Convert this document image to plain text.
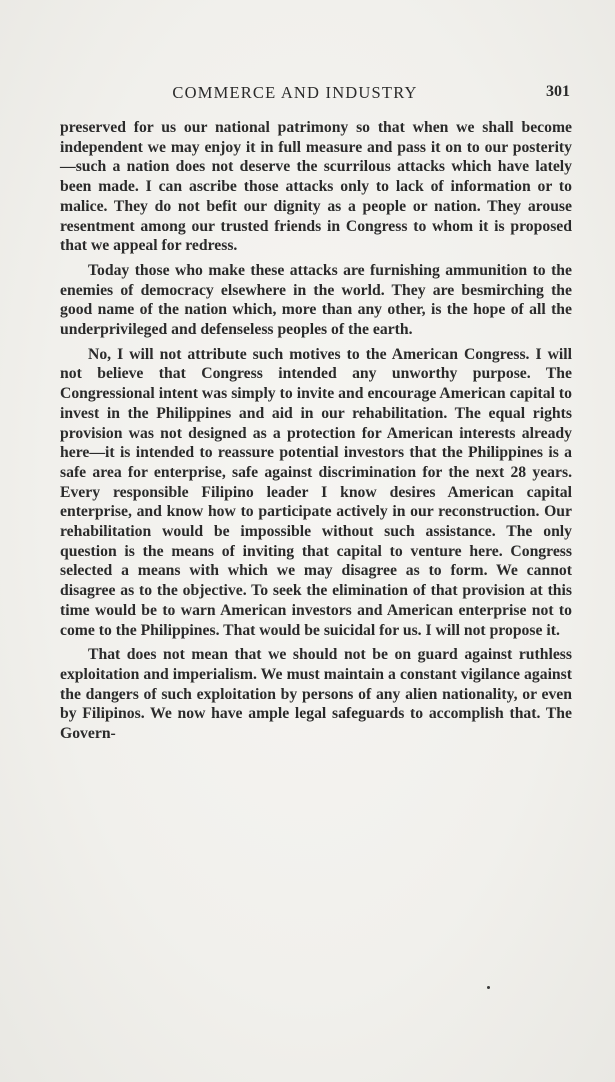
COMMERCE AND INDUSTRY	301

preserved for us our national patrimony so that when we shall become independent we may enjoy it in full measure and pass it on to our posterity—such a nation does not deserve the scurrilous attacks which have lately been made. I can ascribe those attacks only to lack of information or to malice. They do not befit our dignity as a people or nation. They arouse resentment among our trusted friends in Congress to whom it is proposed that we appeal for redress.

Today those who make these attacks are furnishing ammunition to the enemies of democracy elsewhere in the world. They are besmirching the good name of the nation which, more than any other, is the hope of all the underprivileged and defenseless peoples of the earth.

No, I will not attribute such motives to the American Congress. I will not believe that Congress intended any unworthy purpose. The Congressional intent was simply to invite and encourage American capital to invest in the Philippines and aid in our rehabilitation. The equal rights provision was not designed as a protection for American interests already here—it is intended to reassure potential investors that the Philippines is a safe area for enterprise, safe against discrimination for the next 28 years. Every responsible Filipino leader I know desires American capital enterprise, and know how to participate actively in our reconstruction. Our rehabilitation would be impossible without such assistance. The only question is the means of inviting that capital to venture here. Congress selected a means with which we may disagree as to form. We cannot disagree as to the objective. To seek the elimination of that provision at this time would be to warn American investors and American enterprise not to come to the Philippines. That would be suicidal for us. I will not propose it.

That does not mean that we should not be on guard against ruthless exploitation and imperialism. We must maintain a constant vigilance against the dangers of such exploitation by persons of any alien nationality, or even by Filipinos. We now have ample legal safeguards to accomplish that. The Govern-
